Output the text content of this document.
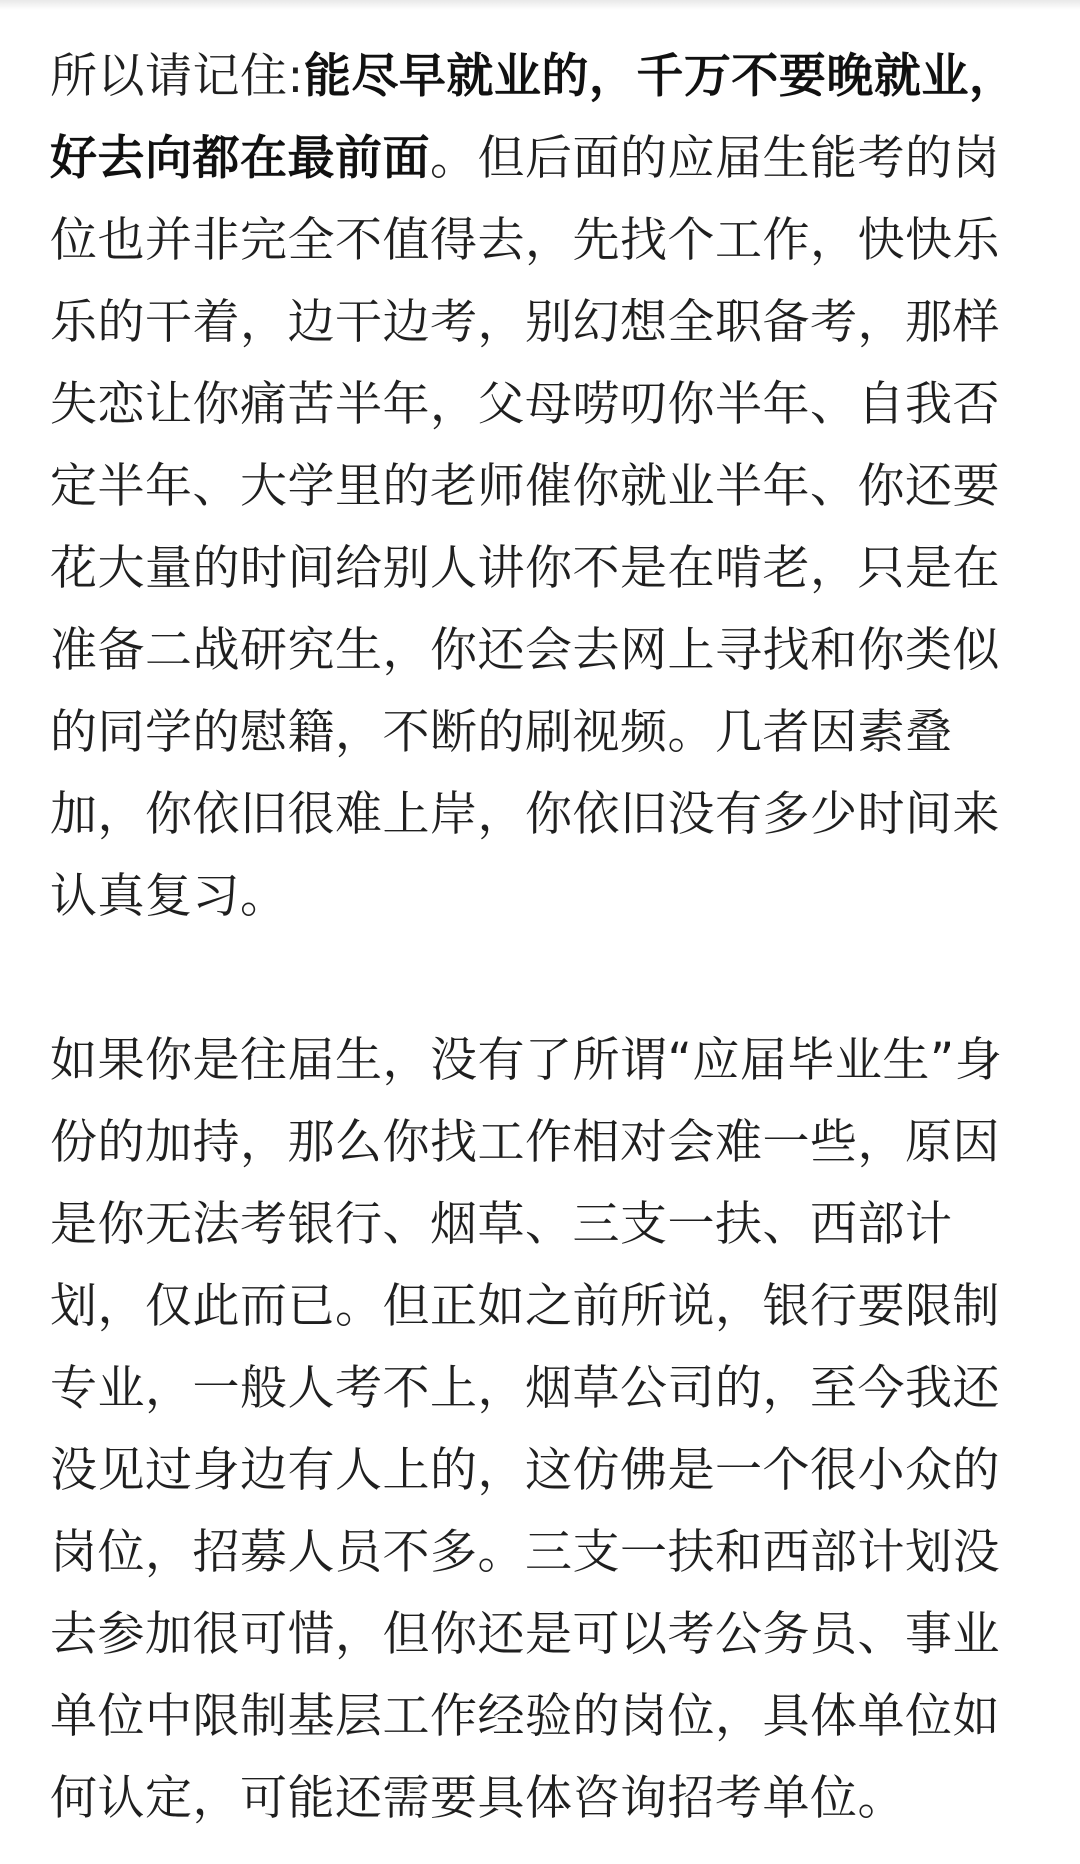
所以请记住:能尽早就业的，千万不要晚就业，好去向都在最前面。但后面的应届生能考的岗位也并非完全不值得去，先找个工作，快快乐乐的干着，边干边考，别幻想全职备考，那样失恋让你痛苦半年，父母唠叨你半年、自我否定半年、大学里的老师催你就业半年、你还要花大量的时间给别人讲你不是在啃老，只是在准备二战研究生，你还会去网上寻找和你类似的同学的慰籍，不断的刷视频。几者因素叠加，你依旧很难上岸，你依旧没有多少时间来认真复习。

如果你是往届生，没有了所谓“应届毕业生”身份的加持，那么你找工作相对会难一些，原因是你无法考银行、烟草、三支一扶、西部计划，仅此而已。但正如之前所说，银行要限制专业，一般人考不上，烟草公司的，至今我还没见过身边有人上的，这仿佛是一个很小众的岗位，招募人员不多。三支一扶和西部计划没去参加很可惜，但你还是可以考公务员、事业单位中限制基层工作经验的岗位，具体单位如何认定，可能还需要具体咨询招考单位。
